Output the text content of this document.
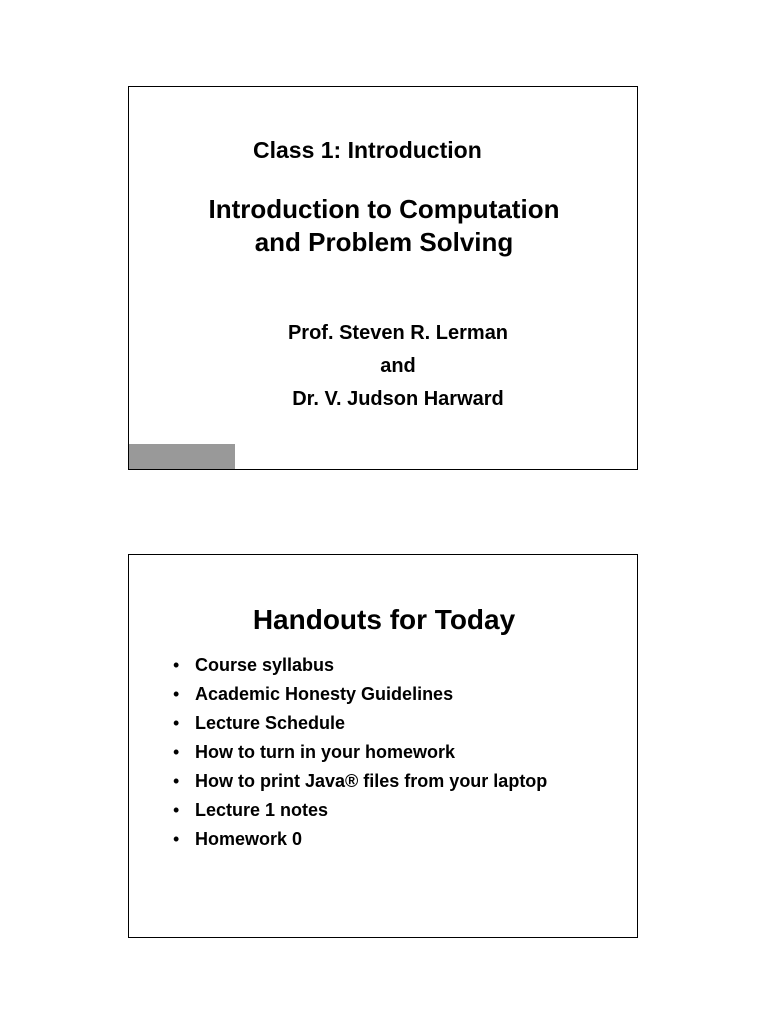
Class 1: Introduction
Introduction to Computation
and Problem Solving
Prof. Steven R. Lerman
and
Dr. V. Judson Harward
Handouts for Today
• Course syllabus
• Academic Honesty Guidelines
• Lecture Schedule
• How to turn in your homework
• How to print Java® files from your laptop
• Lecture 1 notes
• Homework 0
